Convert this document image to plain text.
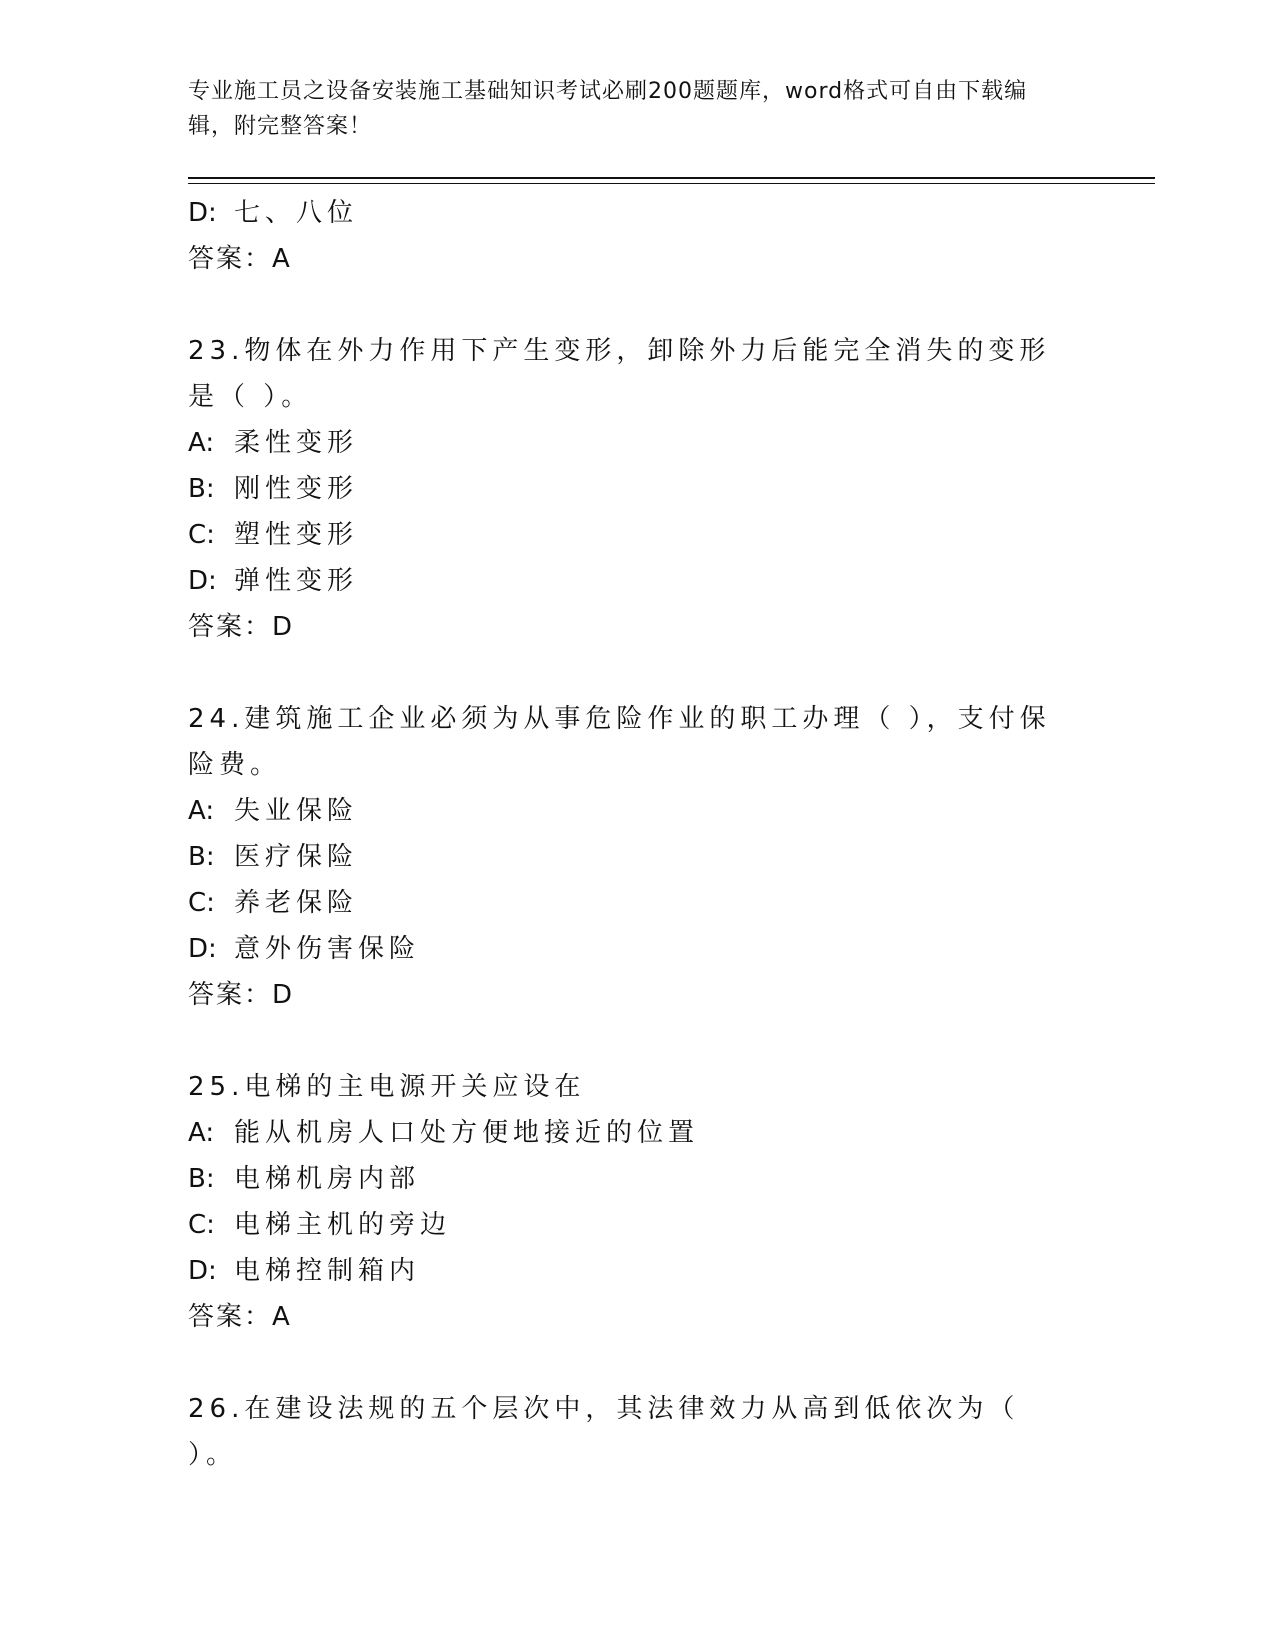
专业施工员之设备安装施工基础知识考试必刷200题题库，word格式可自由下载编辑，附完整答案！
D: 七、八位
答案：A
23.物体在外力作用下产生变形，卸除外力后能完全消失的变形是（ ）。
A: 柔性变形
B: 刚性变形
C: 塑性变形
D: 弹性变形
答案：D
24.建筑施工企业必须为从事危险作业的职工办理（ ），支付保险费。
A: 失业保险
B: 医疗保险
C: 养老保险
D: 意外伤害保险
答案：D
25.电梯的主电源开关应设在
A: 能从机房人口处方便地接近的位置
B: 电梯机房内部
C: 电梯主机的旁边
D: 电梯控制箱内
答案：A
26.在建设法规的五个层次中，其法律效力从高到低依次为（ ）。
